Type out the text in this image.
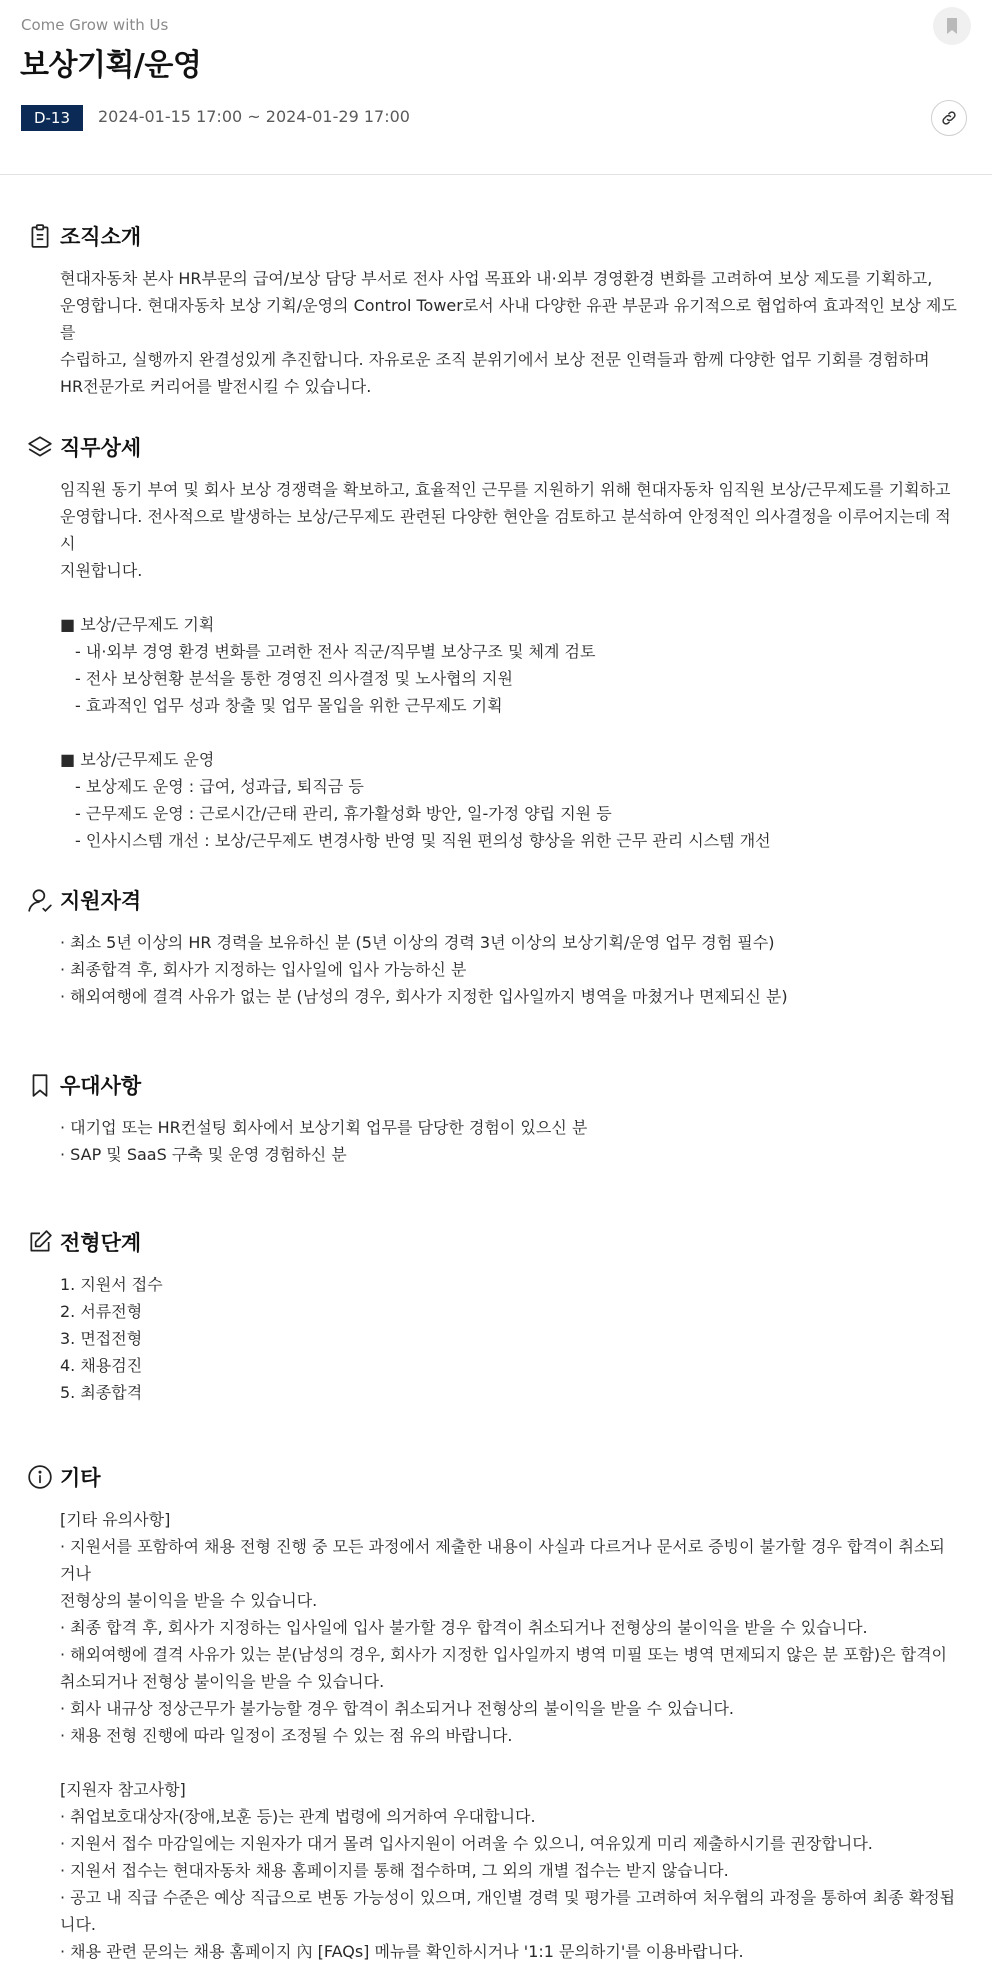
Come Grow with Us

보상기획/운영
D-13	2024-01-15 17:00 ~ 2024-01-29 17:00
조직소개

현대자동차 본사 HR부문의 급여/보상 담당 부서로 전사 사업 목표와 내·외부 경영환경 변화를 고려하여 보상 제도를 기획하고,

운영합니다. 현대자동차 보상 기획/운영의 Control Tower로서 사내 다양한 유관 부문과 유기적으로 협업하여 효과적인 보상 제도를

수립하고, 실행까지 완결성있게 추진합니다. 자유로운 조직 분위기에서 보상 전문 인력들과 함께 다양한 업무 기회를 경험하며

HR전문가로 커리어를 발전시킬 수 있습니다.

직무상세

임직원 동기 부여 및 회사 보상 경쟁력을 확보하고, 효율적인 근무를 지원하기 위해 현대자동차 임직원 보상/근무제도를 기획하고

운영합니다. 전사적으로 발생하는 보상/근무제도 관련된 다양한 현안을 검토하고 분석하여 안정적인 의사결정을 이루어지는데 적시

지원합니다.

■ 보상/근무제도 기획

- 내·외부 경영 환경 변화를 고려한 전사 직군/직무별 보상구조 및 체계 검토

- 전사 보상현황 분석을 통한 경영진 의사결정 및 노사협의 지원

- 효과적인 업무 성과 창출 및 업무 몰입을 위한 근무제도 기획

■ 보상/근무제도 운영

- 보상제도 운영 : 급여, 성과급, 퇴직금 등

- 근무제도 운영 : 근로시간/근태 관리, 휴가활성화 방안, 일-가정 양립 지원 등

- 인사시스템 개선 : 보상/근무제도 변경사항 반영 및 직원 편의성 향상을 위한 근무 관리 시스템 개선

지원자격

· 최소 5년 이상의 HR 경력을 보유하신 분 (5년 이상의 경력 3년 이상의 보상기획/운영 업무 경험 필수)

· 최종합격 후, 회사가 지정하는 입사일에 입사 가능하신 분

· 해외여행에 결격 사유가 없는 분 (남성의 경우, 회사가 지정한 입사일까지 병역을 마쳤거나 면제되신 분)

우대사항

· 대기업 또는 HR컨설팅 회사에서 보상기획 업무를 담당한 경험이 있으신 분

· SAP 및 SaaS 구축 및 운영 경험하신 분

전형단계

1. 지원서 접수

2. 서류전형

3. 면접전형

4. 채용검진

5. 최종합격

기타

[기타 유의사항]

· 지원서를 포함하여 채용 전형 진행 중 모든 과정에서 제출한 내용이 사실과 다르거나 문서로 증빙이 불가할 경우 합격이 취소되거나

전형상의 불이익을 받을 수 있습니다.

· 최종 합격 후, 회사가 지정하는 입사일에 입사 불가할 경우 합격이 취소되거나 전형상의 불이익을 받을 수 있습니다.

· 해외여행에 결격 사유가 있는 분(남성의 경우, 회사가 지정한 입사일까지 병역 미필 또는 병역 면제되지 않은 분 포함)은 합격이

취소되거나 전형상 불이익을 받을 수 있습니다.

· 회사 내규상 정상근무가 불가능할 경우 합격이 취소되거나 전형상의 불이익을 받을 수 있습니다.

· 채용 전형 진행에 따라 일정이 조정될 수 있는 점 유의 바랍니다.

[지원자 참고사항]

· 취업보호대상자(장애,보훈 등)는 관계 법령에 의거하여 우대합니다.

· 지원서 접수 마감일에는 지원자가 대거 몰려 입사지원이 어려울 수 있으니, 여유있게 미리 제출하시기를 권장합니다.

· 지원서 접수는 현대자동차 채용 홈페이지를 통해 접수하며, 그 외의 개별 접수는 받지 않습니다.

· 공고 내 직급 수준은 예상 직급으로 변동 가능성이 있으며, 개인별 경력 및 평가를 고려하여 처우협의 과정을 통하여 최종 확정됩니다.

· 채용 관련 문의는 채용 홈페이지 內 [FAQs] 메뉴를 확인하시거나 '1:1 문의하기'를 이용바랍니다.
